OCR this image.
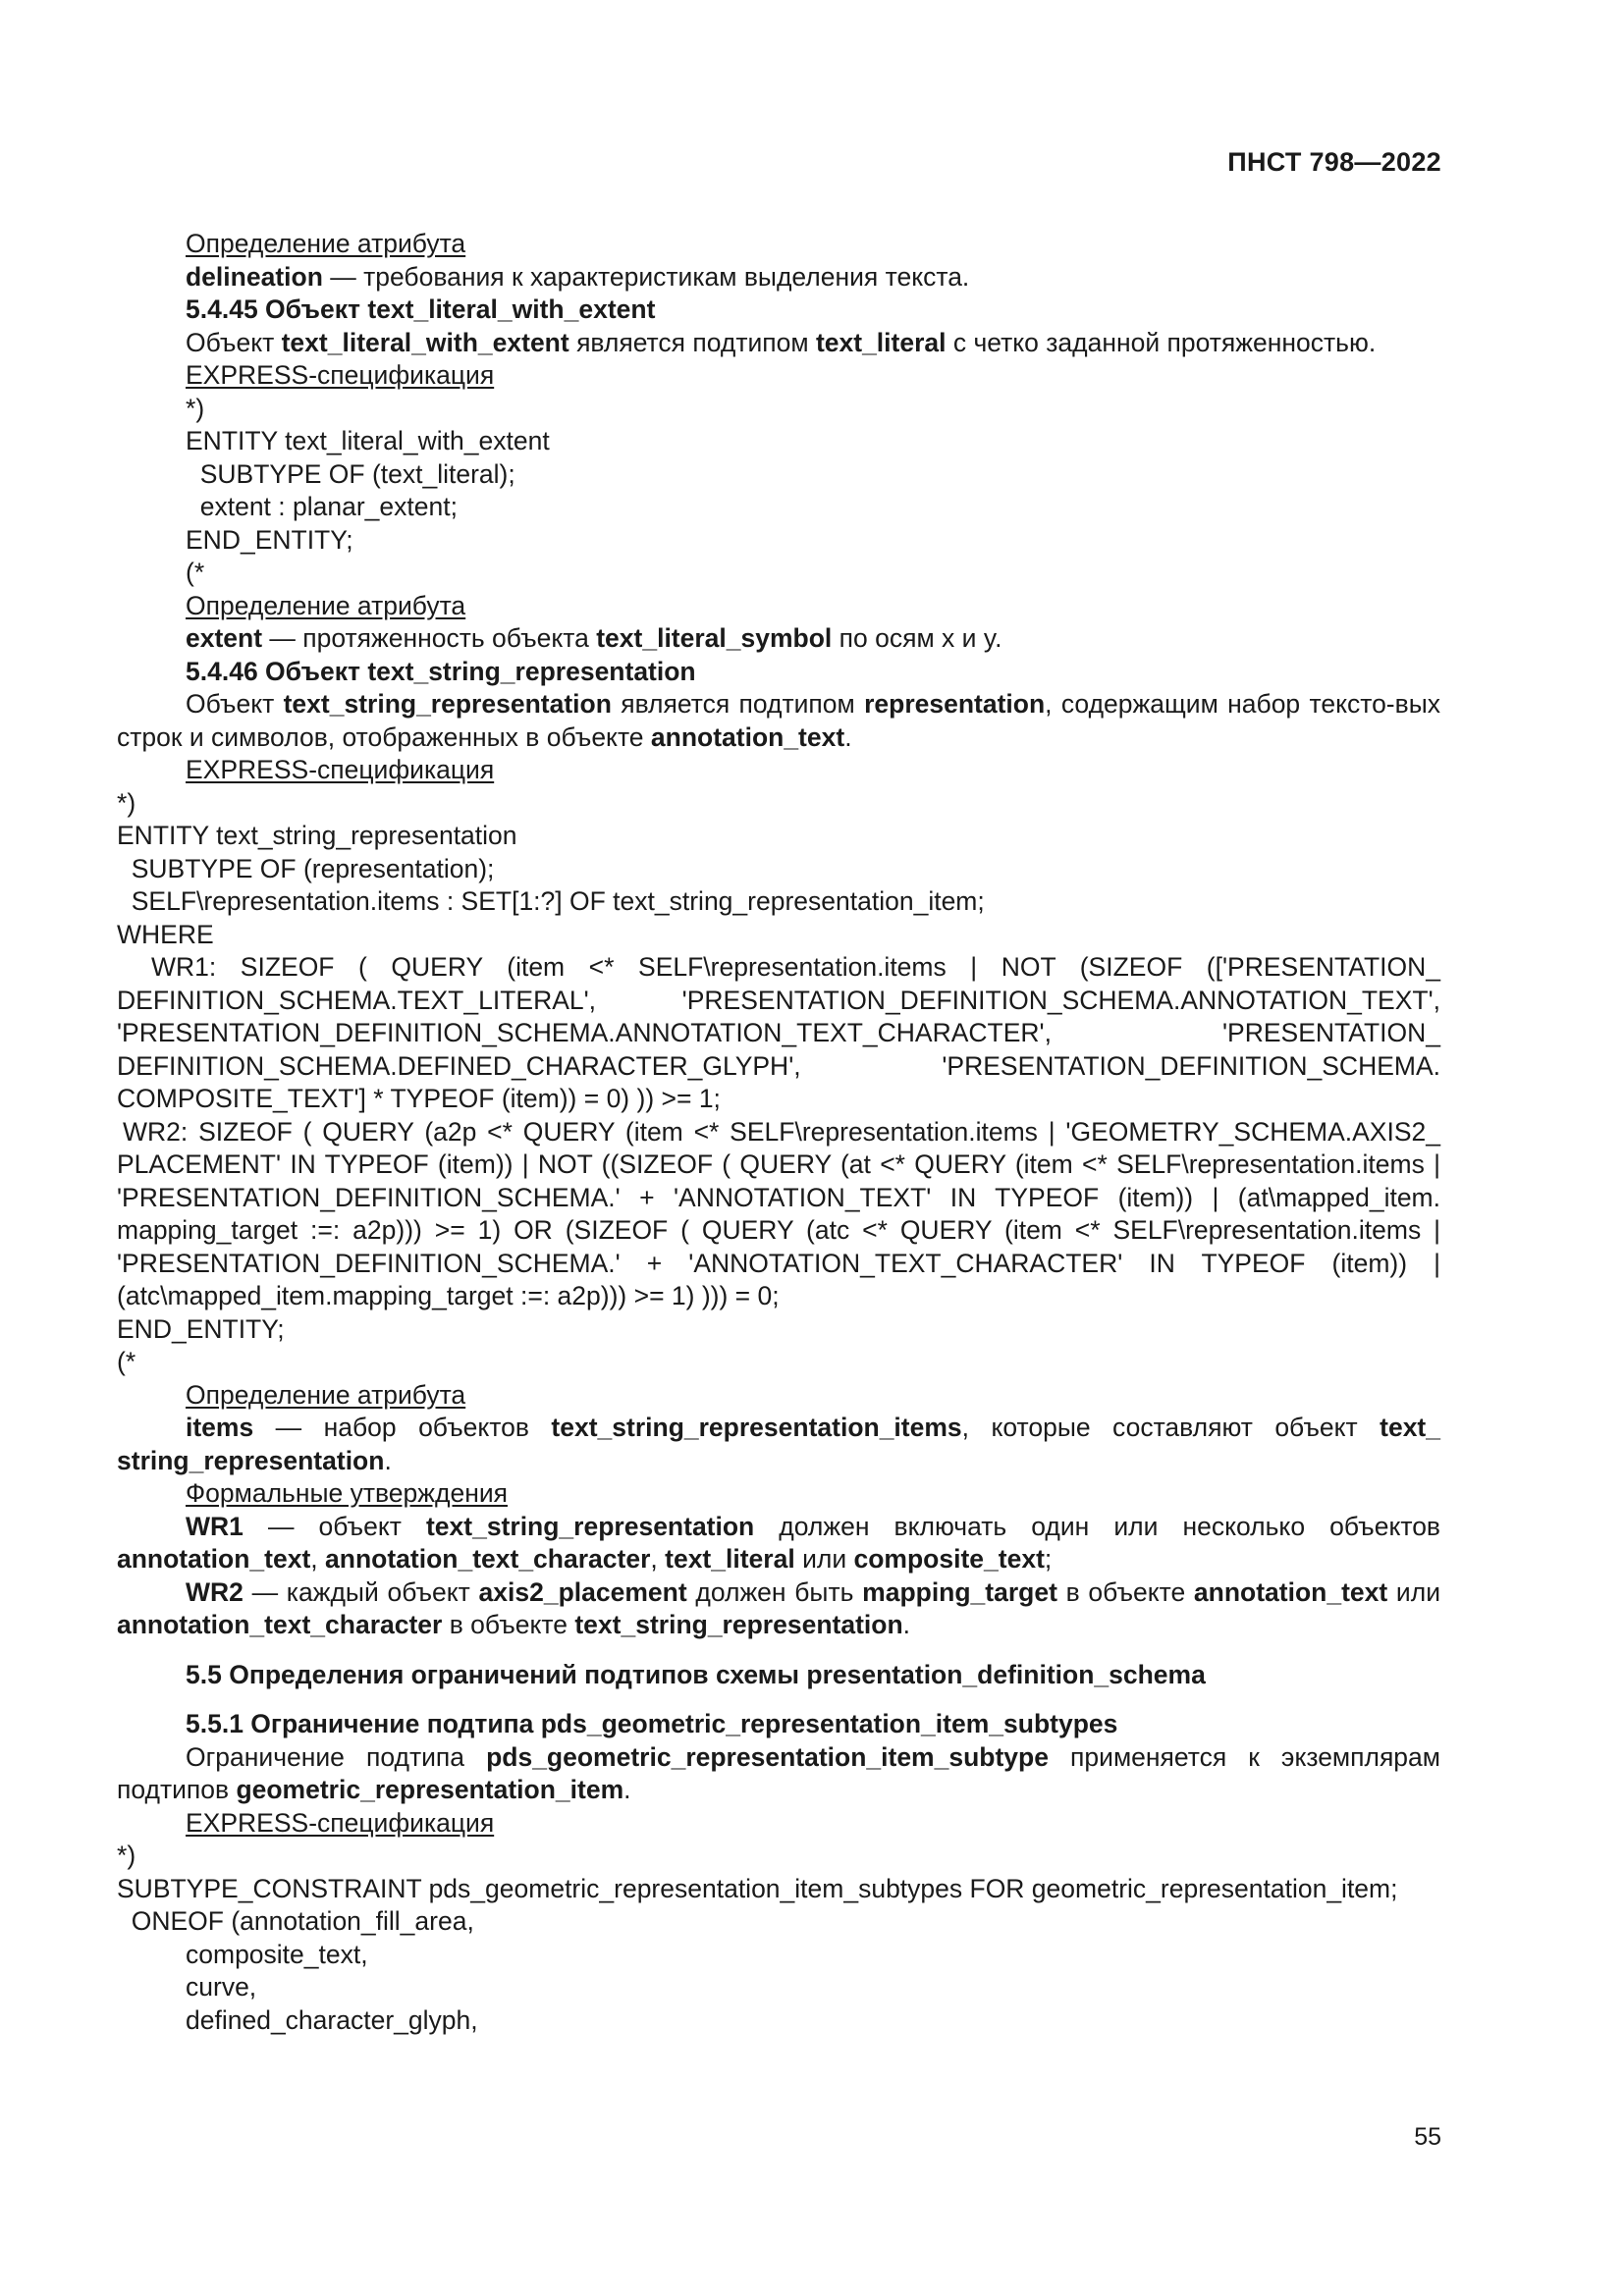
ПНСТ 798—2022
Определение атрибута
delineation — требования к характеристикам выделения текста.
5.4.45 Объект text_literal_with_extent
Объект text_literal_with_extent является подтипом text_literal с четко заданной протяженностью.
EXPRESS-спецификация
*)
ENTITY text_literal_with_extent
SUBTYPE OF (text_literal);
extent : planar_extent;
END_ENTITY;
(*
Определение атрибута
extent — протяженность объекта text_literal_symbol по осям x и y.
5.4.46 Объект text_string_representation
Объект text_string_representation является подтипом representation, содержащим набор тексто-вых строк и символов, отображенных в объекте annotation_text.
EXPRESS-спецификация
*)
ENTITY text_string_representation
SUBTYPE OF (representation);
SELF\representation.items : SET[1:?] OF text_string_representation_item;
WHERE
WR1: SIZEOF ( QUERY (item <* SELF\representation.items | NOT (SIZEOF (['PRESENTATION_ DEFINITION_SCHEMA.TEXT_LITERAL', 'PRESENTATION_DEFINITION_SCHEMA.ANNOTATION_TEXT', 'PRESENTATION_DEFINITION_SCHEMA.ANNOTATION_TEXT_CHARACTER', 'PRESENTATION_ DEFINITION_SCHEMA.DEFINED_CHARACTER_GLYPH', 'PRESENTATION_DEFINITION_SCHEMA. COMPOSITE_TEXT'] * TYPEOF (item)) = 0) )) >= 1;
WR2: SIZEOF ( QUERY (a2p <* QUERY (item <* SELF\representation.items | 'GEOMETRY_SCHEMA.AXIS2_ PLACEMENT' IN TYPEOF (item)) | NOT ((SIZEOF ( QUERY (at <* QUERY (item <* SELF\representation.items | 'PRESENTATION_DEFINITION_SCHEMA.' + 'ANNOTATION_TEXT' IN TYPEOF (item)) | (at\mapped_item. mapping_target :=: a2p))) >= 1) OR (SIZEOF ( QUERY (atc <* QUERY (item <* SELF\representation.items | 'PRESENTATION_DEFINITION_SCHEMA.' + 'ANNOTATION_TEXT_CHARACTER' IN TYPEOF (item)) | (atc\mapped_item.mapping_target :=: a2p))) >= 1) ))) = 0;
END_ENTITY;
(*
Определение атрибута
items — набор объектов text_string_representation_items, которые составляют объект text_ string_representation.
Формальные утверждения
WR1 — объект text_string_representation должен включать один или несколько объектов annotation_text, annotation_text_character, text_literal или composite_text;
WR2 — каждый объект axis2_placement должен быть mapping_target в объекте annotation_text или annotation_text_character в объекте text_string_representation.
5.5 Определения ограничений подтипов схемы presentation_definition_schema
5.5.1 Ограничение подтипа pds_geometric_representation_item_subtypes
Ограничение подтипа pds_geometric_representation_item_subtype применяется к экземплярам подтипов geometric_representation_item.
EXPRESS-спецификация
*)
SUBTYPE_CONSTRAINT pds_geometric_representation_item_subtypes FOR geometric_representation_item;
ONEOF (annotation_fill_area,
composite_text,
curve,
defined_character_glyph,
55
